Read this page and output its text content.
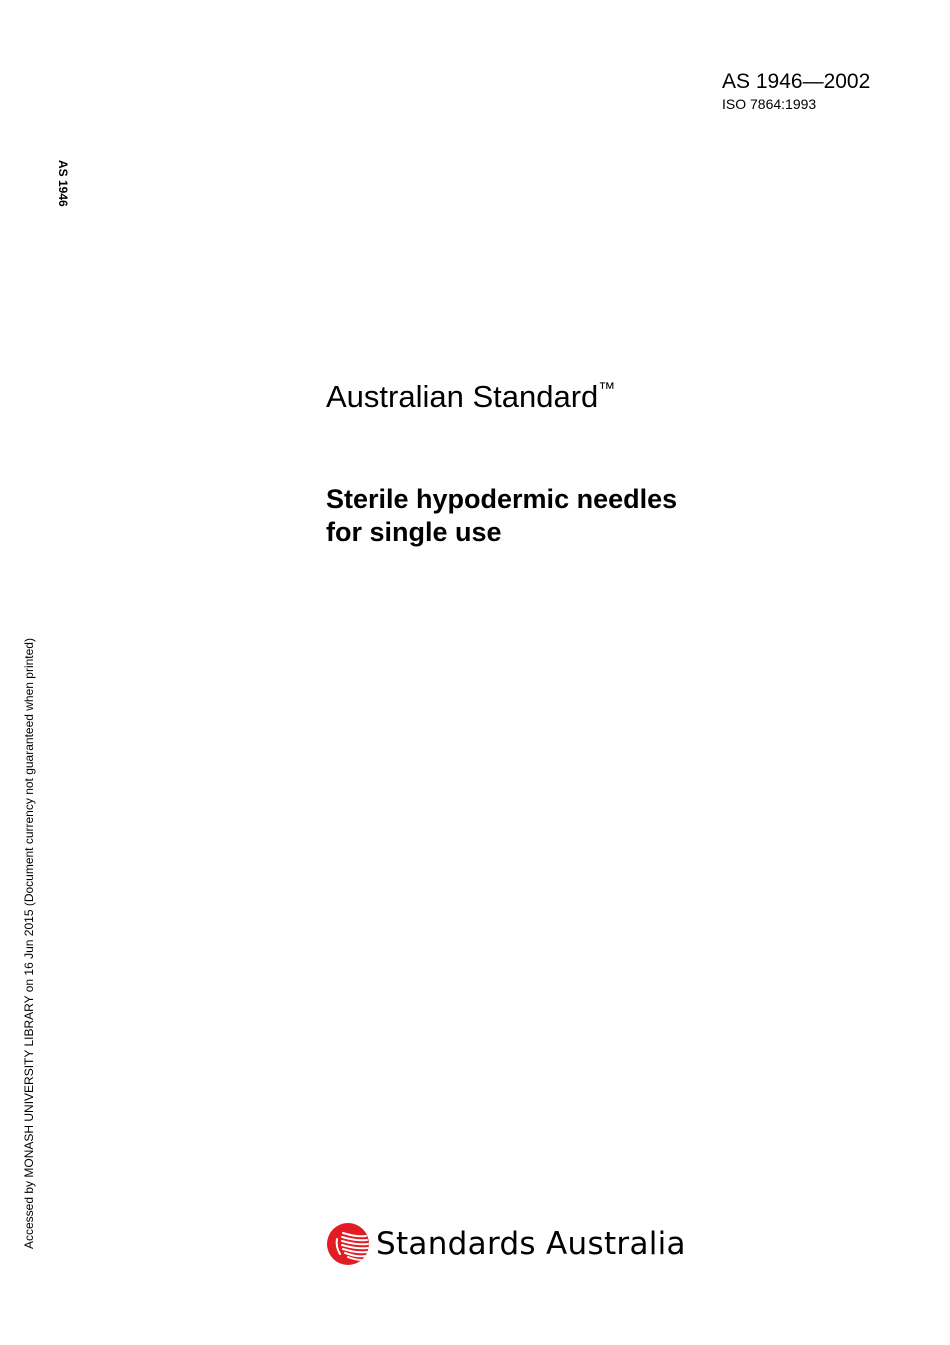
AS 1946—2002
ISO 7864:1993
AS 1946
Accessed by MONASH UNIVERSITY LIBRARY on 16 Jun 2015 (Document currency not guaranteed when printed)
Australian Standard™
Sterile hypodermic needles
for single use
Standards Australia
